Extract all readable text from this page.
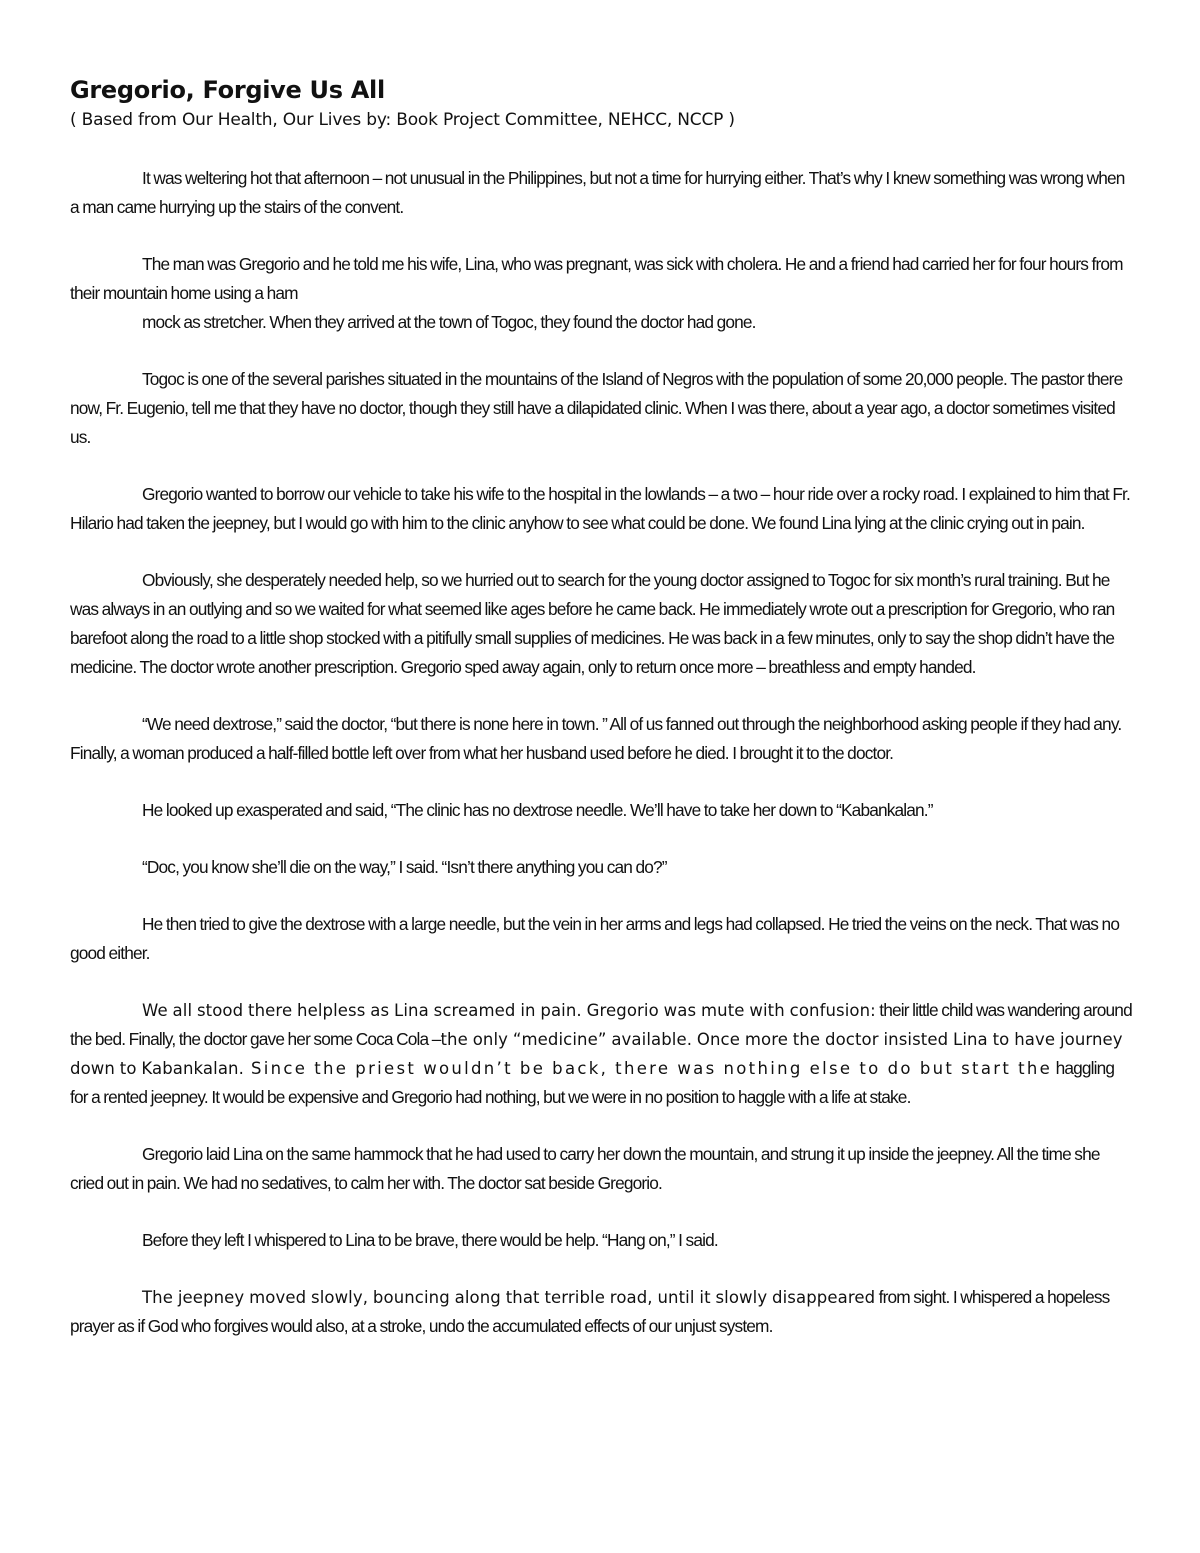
Gregorio, Forgive Us All

( Based from Our Health, Our Lives by: Book Project Committee, NEHCC, NCCP )

It was weltering hot that afternoon – not unusual in the Philippines, but not a time for hurrying either. That’s why I knew something was wrong when a man came hurrying up the stairs of the convent.

The man was Gregorio and he told me his wife, Lina, who was pregnant, was sick with cholera. He and a friend had carried her for four hours from their mountain home using a ham

mock as stretcher. When they arrived at the town of Togoc, they found the doctor had gone.

Togoc is one of the several parishes situated in the mountains of the Island of Negros with the population of some 20,000 people. The pastor there now, Fr. Eugenio, tell me that they have no doctor, though they still have a dilapidated clinic. When I was there, about a year ago, a doctor sometimes visited us.

Gregorio wanted to borrow our vehicle to take his wife to the hospital in the lowlands – a two – hour ride over a rocky road. I explained to him that Fr. Hilario had taken the jeepney, but I would go with him to the clinic anyhow to see what could be done. We found Lina lying at the clinic crying out in pain.

Obviously, she desperately needed help, so we hurried out to search for the young doctor assigned to Togoc for six month’s rural training. But he was always in an outlying and so we waited for what seemed like ages before he came back. He immediately wrote out a prescription for Gregorio, who ran barefoot along the road to a little shop stocked with a pitifully small supplies of medicines. He was back in a few minutes, only to say the shop didn’t have the medicine. The doctor wrote another prescription. Gregorio sped away again, only to return once more – breathless and empty handed.

“We need dextrose,” said the doctor, “but there is none here in town. ” All of us fanned out through the neighborhood asking people if they had any. Finally, a woman produced a half-filled bottle left over from what her husband used before he died. I brought it to the doctor.

He looked up exasperated and said, “The clinic has no dextrose needle. We’ll have to take her down to “Kabankalan.”

“Doc, you know she’ll die on the way,” I said. “Isn’t there anything you can do?”

He then tried to give the dextrose with a large needle, but the vein in her arms and legs had collapsed. He tried the veins on the neck. That was no good either.

We all stood there helpless as Lina screamed in pain. Gregorio was mute with confusion: their little child was wandering around the bed. Finally, the doctor gave her some Coca Cola –the only “medicine” available. Once more the doctor insisted Lina to have journey down to Kabankalan. Since the priest wouldn’t be back, there was nothing else to do but start the haggling for a rented jeepney. It would be expensive and Gregorio had nothing, but we were in no position to haggle with a life at stake.

Gregorio laid Lina on the same hammock that he had used to carry her down the mountain, and strung it up inside the jeepney. All the time she cried out in pain. We had no sedatives, to calm her with. The doctor sat beside Gregorio.

Before they left I whispered to Lina to be brave, there would be help. “Hang on,” I said.

The jeepney moved slowly, bouncing along that terrible road, until it slowly disappeared from sight. I whispered a hopeless prayer as if God who forgives would also, at a stroke, undo the accumulated effects of our unjust system.
